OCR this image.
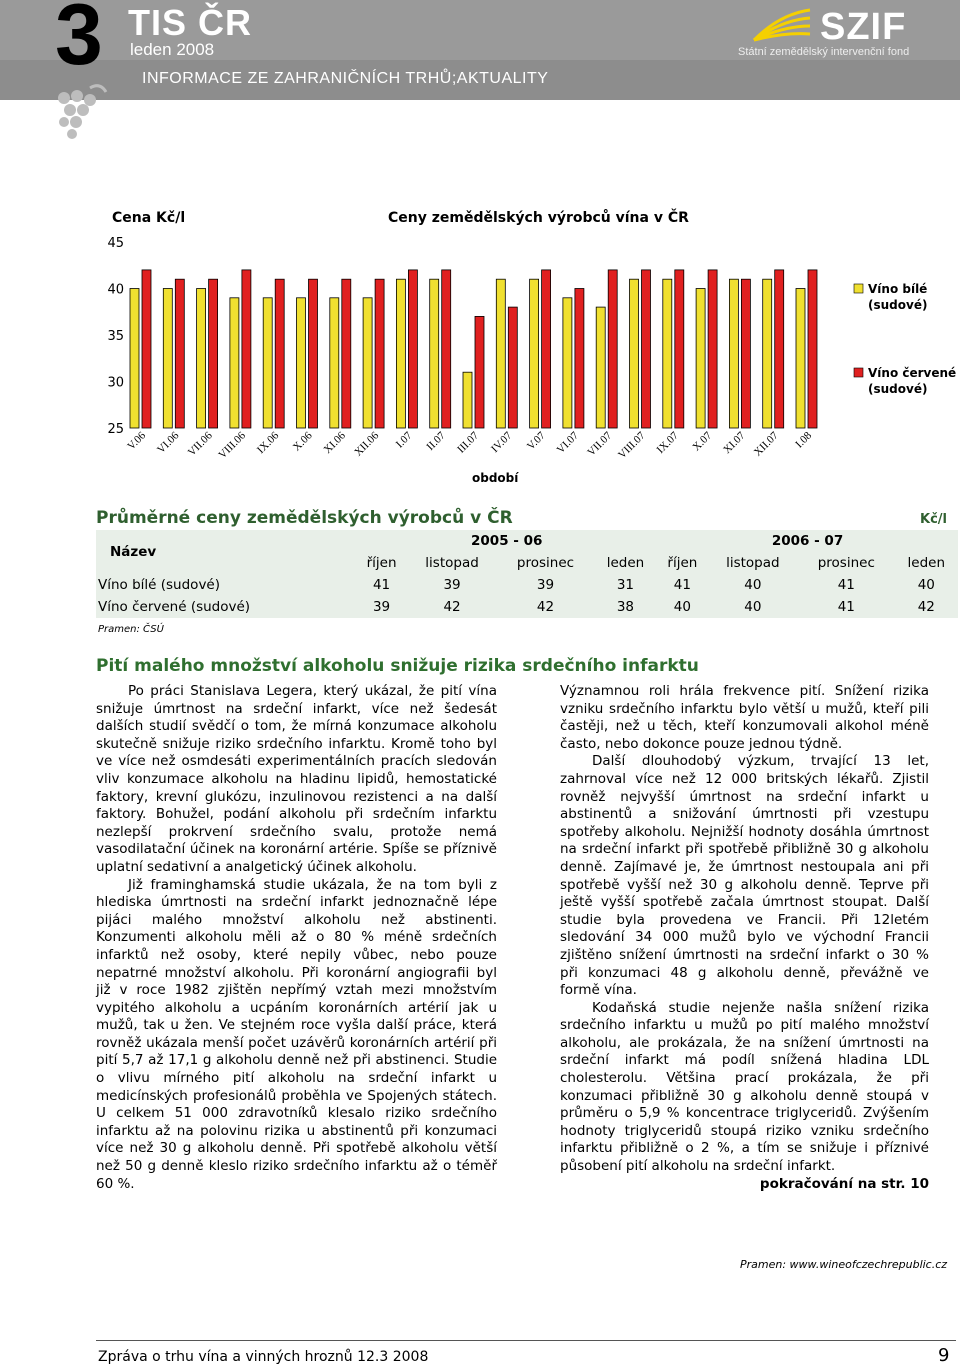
3 TIS ČR
leden 2008
INFORMACE ZE ZAHRANIČNÍCH TRHŮ;AKTUALITY
SZIF
Státní zemědělský intervenční fond
Cena Kč/l	Ceny zemědělských výrobců vína v ČR
období
45
40
35
30
25
V.06 VI.06 VII.06 VIII.06 IX.06 X.06 XI.06 XII.06 I.07 II.07 III.07 IV.07 V.07 VI.07 VII.07 VIII.07 IX.07 X.07 XI.07 XII.07 I.08
Víno bílé (sudové)
Víno červené (sudové)
Průměrné ceny zemědělských výrobců v ČR	Kč/l
Název	2005 - 06				2006 - 07			
	říjen	listopad	prosinec	leden	říjen	listopad	prosinec	leden
Víno bílé (sudové)	41	39	39	31	41	40	41	40
Víno červené (sudové)	39	42	42	38	40	40	41	42
Pramen: ČSÚ
Pití malého množství alkoholu snižuje rizika srdečního infarktu

Po práci Stanislava Legera, který ukázal, že pití vína snižuje úmrtnost na srdeční infarkt, více než šedesát dalších studií svědčí o tom, že mírná konzumace alkoholu skutečně snižuje riziko srdečního infarktu. Kromě toho byl ve více než osmdesáti experimentálních pracích sledován vliv konzumace alkoholu na hladinu lipidů, hemostatické faktory, krevní glukózu, inzulinovou rezistenci a na další faktory. Bohužel, podání alkoholu při srdečním infarktu nezlepší prokrvení srdečního svalu, protože nemá vasodilatační účinek na koronární artérie. Spíše se příznivě uplatní sedativní a analgetický účinek alkoholu.

Již framinghamská studie ukázala, že na tom byli z hlediska úmrtnosti na srdeční infarkt jednoznačně lépe pijáci malého množství alkoholu než abstinenti. Konzumenti alkoholu měli až o 80 % méně srdečních infarktů než osoby, které nepily vůbec, nebo pouze nepatrné množství alkoholu. Při koronární angiografii byl již v roce 1982 zjištěn nepřímý vztah mezi množstvím vypitého alkoholu a ucpáním koronárních artérií jak u mužů, tak u žen. Ve stejném roce vyšla další práce, která rovněž ukázala menší počet uzávěrů koronárních artérií při pití 5,7 až 17,1 g alkoholu denně než při abstinenci. Studie o vlivu mírného pití alkoholu na srdeční infarkt u medicínských profesionálů proběhla ve Spojených státech. U celkem 51 000 zdravotníků klesalo riziko srdečního infarktu až na polovinu rizika u abstinentů při konzumaci více než 30 g alkoholu denně. Při spotřebě alkoholu větší než 50 g denně kleslo riziko srdečního infarktu až o téměř 60 %.

Významnou roli hrála frekvence pití. Snížení rizika vzniku srdečního infarktu bylo větší u mužů, kteří pili častěji, než u těch, kteří konzumovali alkohol méně často, nebo dokonce pouze jednou týdně.

Další dlouhodobý výzkum, trvající 13 let, zahrnoval více než 12 000 britských lékařů. Zjistil rovněž nejvyšší úmrtnost na srdeční infarkt u abstinentů a snižování úmrtnosti při vzestupu spotřeby alkoholu. Nejnižší hodnoty dosáhla úmrtnost na srdeční infarkt při spotřebě přibližně 30 g alkoholu denně. Zajímavé je, že úmrtnost nestoupala ani při spotřebě vyšší než 30 g alkoholu denně. Teprve při ještě vyšší spotřebě začala úmrtnost stoupat. Další studie byla provedena ve Francii. Při 12letém sledování 34 000 mužů bylo ve východní Francii zjištěno snížení úmrtnosti na srdeční infarkt o 30 % při konzumaci 48 g alkoholu denně, převážně ve formě vína.

Kodaňská studie nejenže našla snížení rizika srdečního infarktu u mužů po pití malého množství alkoholu, ale prokázala, že na snížení úmrtnosti na srdeční infarkt má podíl snížená hladina LDL cholesterolu. Většina prací prokázala, že při konzumaci přibližně 30 g alkoholu denně stoupá v průměru o 5,9 % koncentrace triglyceridů. Zvýšením hodnoty triglyceridů stoupá riziko vzniku srdečního infarktu přibližně o 2 %, a tím se snižuje i příznivé působení pití alkoholu na srdeční infarkt.

pokračování na str. 10

Pramen: www.wineofczechrepublic.cz
Zpráva o trhu vína a vinných hroznů 12.3 2008	9
